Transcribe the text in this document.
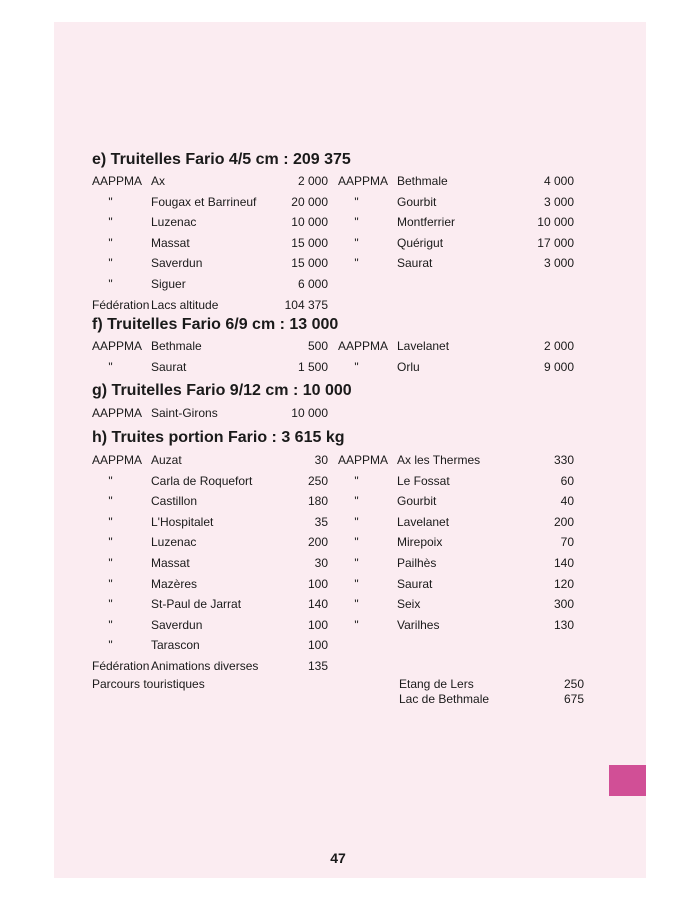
e) Truitelles Fario 4/5 cm : 209 375
AAPPMA Ax	2 000
"	Fougax et Barrineuf	20 000
"	Luzenac	10 000
"	Massat	15 000
"	Saverdun	15 000
"	Siguer	6 000
Fédération Lacs altitude	104 375
AAPPMA Bethmale	4 000
"	Gourbit	3 000
"	Montferrier	10 000
"	Quérigut	17 000
"	Saurat	3 000
f) Truitelles Fario 6/9 cm : 13 000
AAPPMA Bethmale	500
"	Saurat	1 500
AAPPMA Lavelanet	2 000
"	Orlu	9 000
g) Truitelles Fario 9/12 cm : 10 000
AAPPMA Saint-Girons	10 000
h) Truites portion Fario : 3 615 kg
AAPPMA Auzat	30
"	Carla de Roquefort	250
"	Castillon	180
"	L'Hospitalet	35
"	Luzenac	200
"	Massat	30
"	Mazères	100
"	St-Paul de Jarrat	140
"	Saverdun	100
"	Tarascon	100
Fédération Animations diverses	135
AAPPMA Ax les Thermes	330
"	Le Fossat	60
"	Gourbit	40
"	Lavelanet	200
"	Mirepoix	70
"	Pailhès	140
"	Saurat	120
"	Seix	300
"	Varilhes	130
Parcours touristiques	Etang de Lers	250
Lac de Bethmale	675
47
